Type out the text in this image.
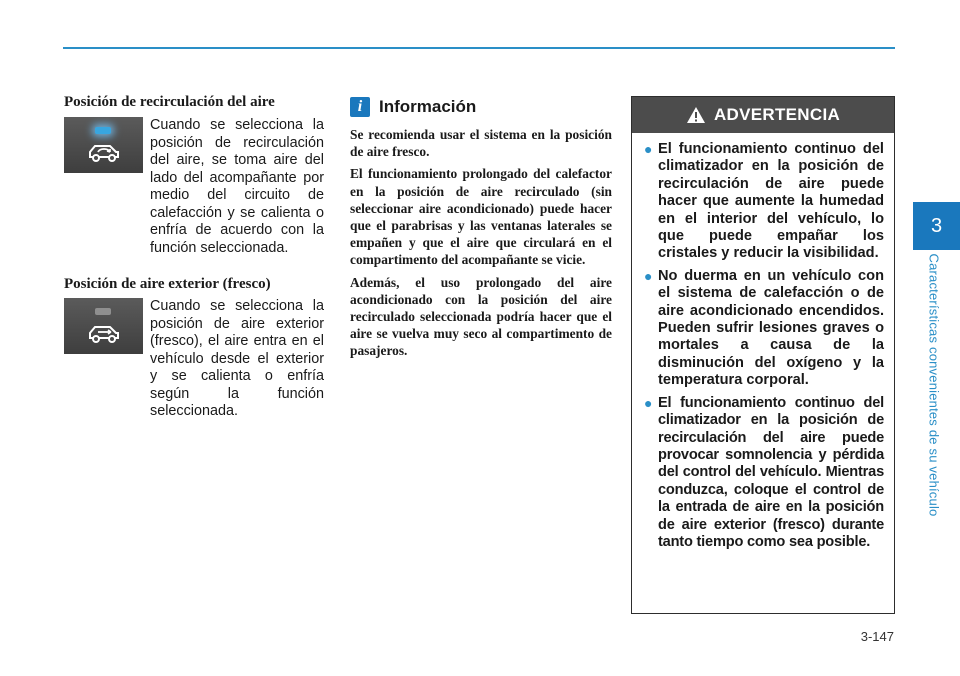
Posición de recirculación del aire
Cuando se selecciona la posición de recirculación del aire, se toma aire del lado del acompañante por medio del circuito de calefacción y se calienta o enfría de acuerdo con la función seleccionada.
Posición de aire exterior (fresco)
Cuando se selecciona la posición de aire exterior (fresco), el aire entra en el vehículo desde el exterior y se calienta o enfría según la función seleccionada.
i Información

Se recomienda usar el sistema en la posición de aire fresco.

El funcionamiento prolongado del calefactor en la posición de aire recirculado (sin seleccionar aire acondicionado) puede hacer que el parabrisas y las ventanas laterales se empañen y que el aire que circulará en el compartimento del acompañante se vicie.

Además, el uso prolongado del aire acondicionado con la posición del aire recirculado seleccionada podría hacer que el aire se vuelva muy seco al compartimento de pasajeros.

ADVERTENCIA
● El funcionamiento continuo del climatizador en la posición de recirculación de aire puede hacer que aumente la humedad en el interior del vehículo, lo que puede empañar los cristales y reducir la visibilidad.
● No duerma en un vehículo con el sistema de calefacción o de aire acondicionado encendidos. Pueden sufrir lesiones graves o mortales a causa de la disminución del oxígeno y la temperatura corporal.
● El funcionamiento continuo del climatizador en la posición de recirculación del aire puede provocar somnolencia y pérdida del control del vehículo. Mientras conduzca, coloque el control de la entrada de aire en la posición de aire exterior (fresco) durante tanto tiempo como sea posible.
3
Características convenientes de su vehículo
3-147
